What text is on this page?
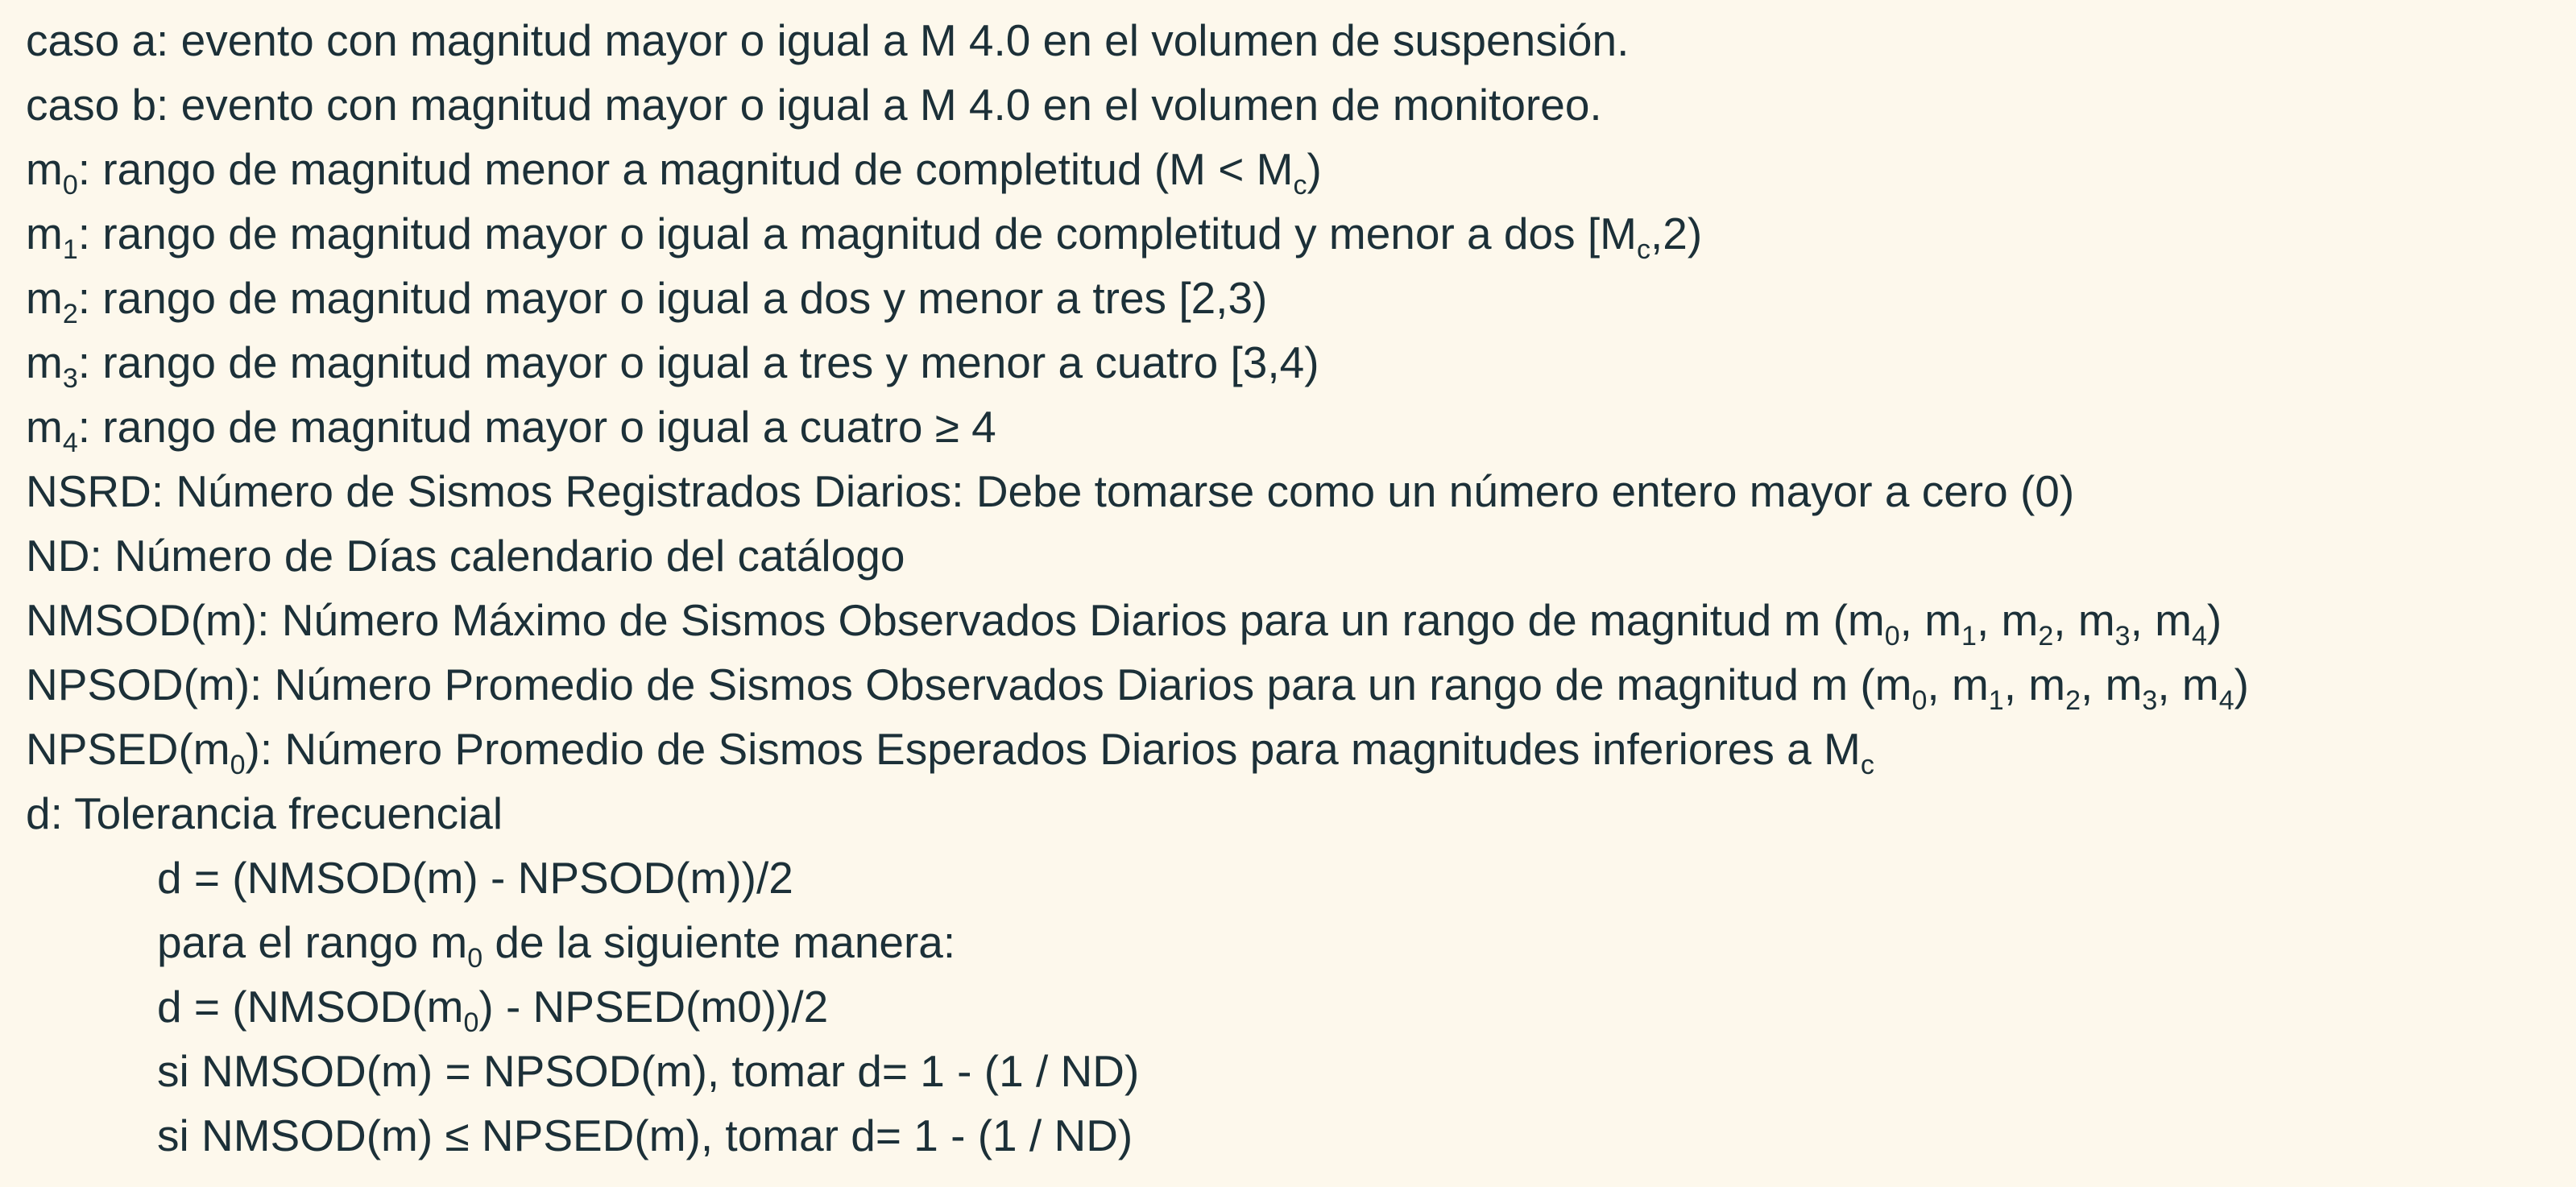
caso a: evento con magnitud mayor o igual a M 4.0 en el volumen de suspensión.
caso b: evento con magnitud mayor o igual a M 4.0 en el volumen de monitoreo.
$m_0$: rango de magnitud menor a magnitud de completitud $(M < M_c)$
$m_1$: rango de magnitud mayor o igual a magnitud de completitud y menor a dos $[M_c,2)$
$m_2$: rango de magnitud mayor o igual a dos y menor a tres [2,3)
$m_3$: rango de magnitud mayor o igual a tres y menor a cuatro [3,4)
$m_4$: rango de magnitud mayor o igual a cuatro ≥ 4
NSRD: Número de Sismos Registrados Diarios: Debe tomarse como un número entero mayor a cero (0)
ND: Número de Días calendario del catálogo
NMSOD(m): Número Máximo de Sismos Observados Diarios para un rango de magnitud m ($m_0$, $m_1$, $m_2$, $m_3$, $m_4$)
NPSOD(m): Número Promedio de Sismos Observados Diarios para un rango de magnitud m ($m_0$, $m_1$, $m_2$, $m_3$, $m_4$)
$NPSED(m_0)$: Número Promedio de Sismos Esperados Diarios para magnitudes inferiores a $M_c$
d: Tolerancia frecuencial
d = (NMSOD(m) - NPSOD(m))/2
para el rango $m_0$ de la siguiente manera:
$d = (NMSOD(m_0)$ - NPSED(m0))/2
si NMSOD(m) = NPSOD(m), tomar d= 1 - (1 / ND)
si NMSOD(m) ≤ NPSED(m), tomar d= 1 - (1 / ND)
